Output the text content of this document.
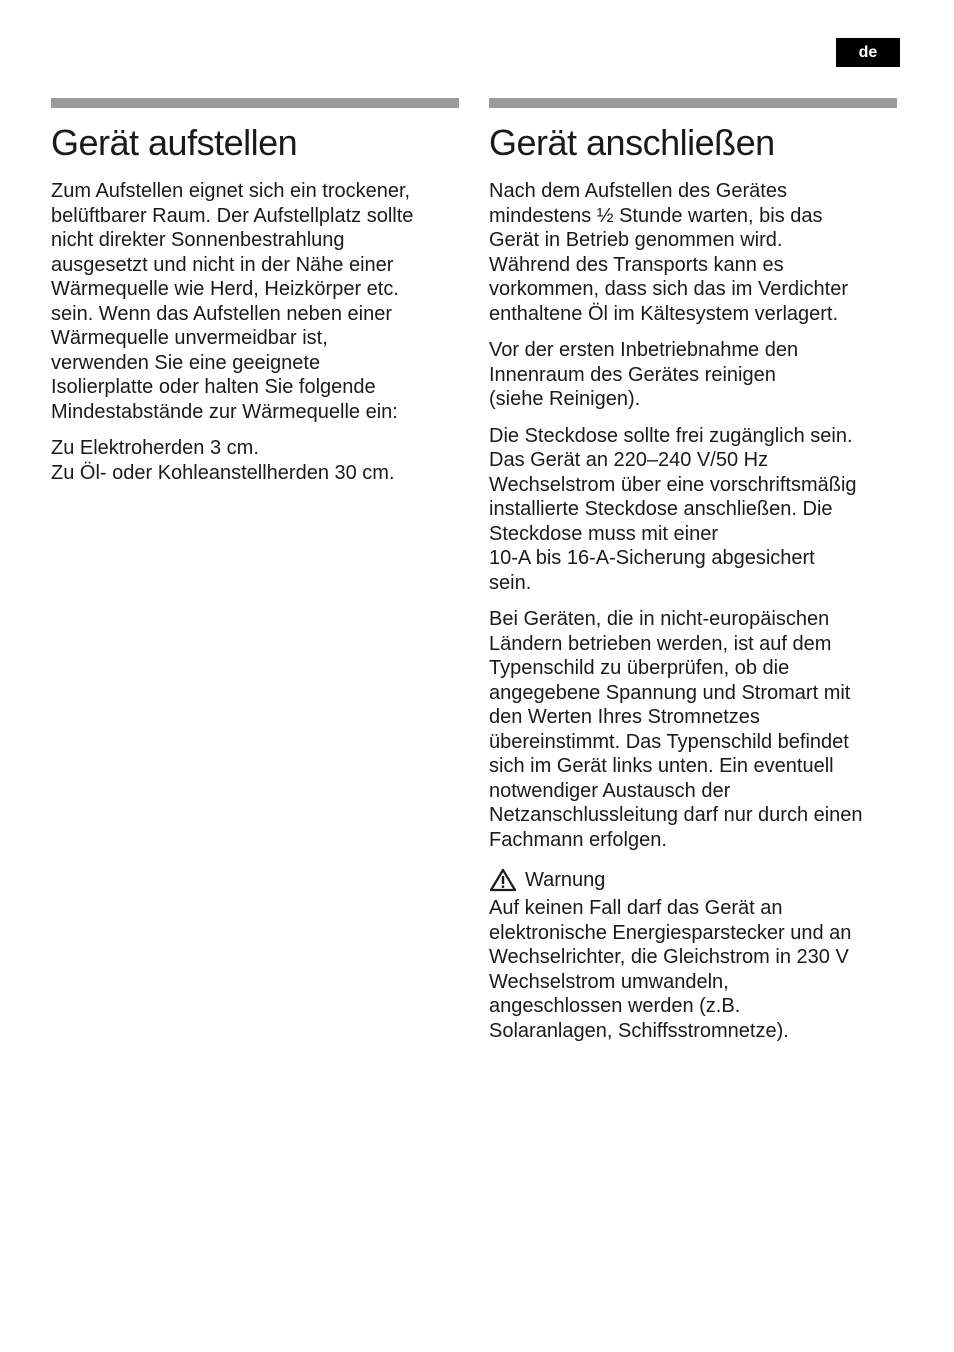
de
Gerät aufstellen

Zum Aufstellen eignet sich ein trockener,
belüftbarer Raum. Der Aufstellplatz sollte
nicht direkter Sonnenbestrahlung
ausgesetzt und nicht in der Nähe einer
Wärmequelle wie Herd, Heizkörper etc.
sein. Wenn das Aufstellen neben einer
Wärmequelle unvermeidbar ist,
verwenden Sie eine geeignete
Isolierplatte oder halten Sie folgende
Mindestabstände zur Wärmequelle ein:

Zu Elektroherden 3 cm.
Zu Öl- oder Kohleanstellherden 30 cm.

Gerät anschließen

Nach dem Aufstellen des Gerätes
mindestens ½ Stunde warten, bis das
Gerät in Betrieb genommen wird.
Während des Transports kann es
vorkommen, dass sich das im Verdichter
enthaltene Öl im Kältesystem verlagert.

Vor der ersten Inbetriebnahme den
Innenraum des Gerätes reinigen
(siehe Reinigen).

Die Steckdose sollte frei zugänglich sein.
Das Gerät an 220–240 V/50 Hz
Wechselstrom über eine vorschriftsmäßig
installierte Steckdose anschließen. Die
Steckdose muss mit einer
10-A bis 16-A-Sicherung abgesichert
sein.

Bei Geräten, die in nicht-europäischen
Ländern betrieben werden, ist auf dem
Typenschild zu überprüfen, ob die
angegebene Spannung und Stromart mit
den Werten Ihres Stromnetzes
übereinstimmt. Das Typenschild befindet
sich im Gerät links unten. Ein eventuell
notwendiger Austausch der
Netzanschlussleitung darf nur durch einen
Fachmann erfolgen.

Warnung

Auf keinen Fall darf das Gerät an
elektronische Energiesparstecker und an
Wechselrichter, die Gleichstrom in 230 V
Wechselstrom umwandeln,
angeschlossen werden (z.B.
Solaranlagen, Schiffsstromnetze).
